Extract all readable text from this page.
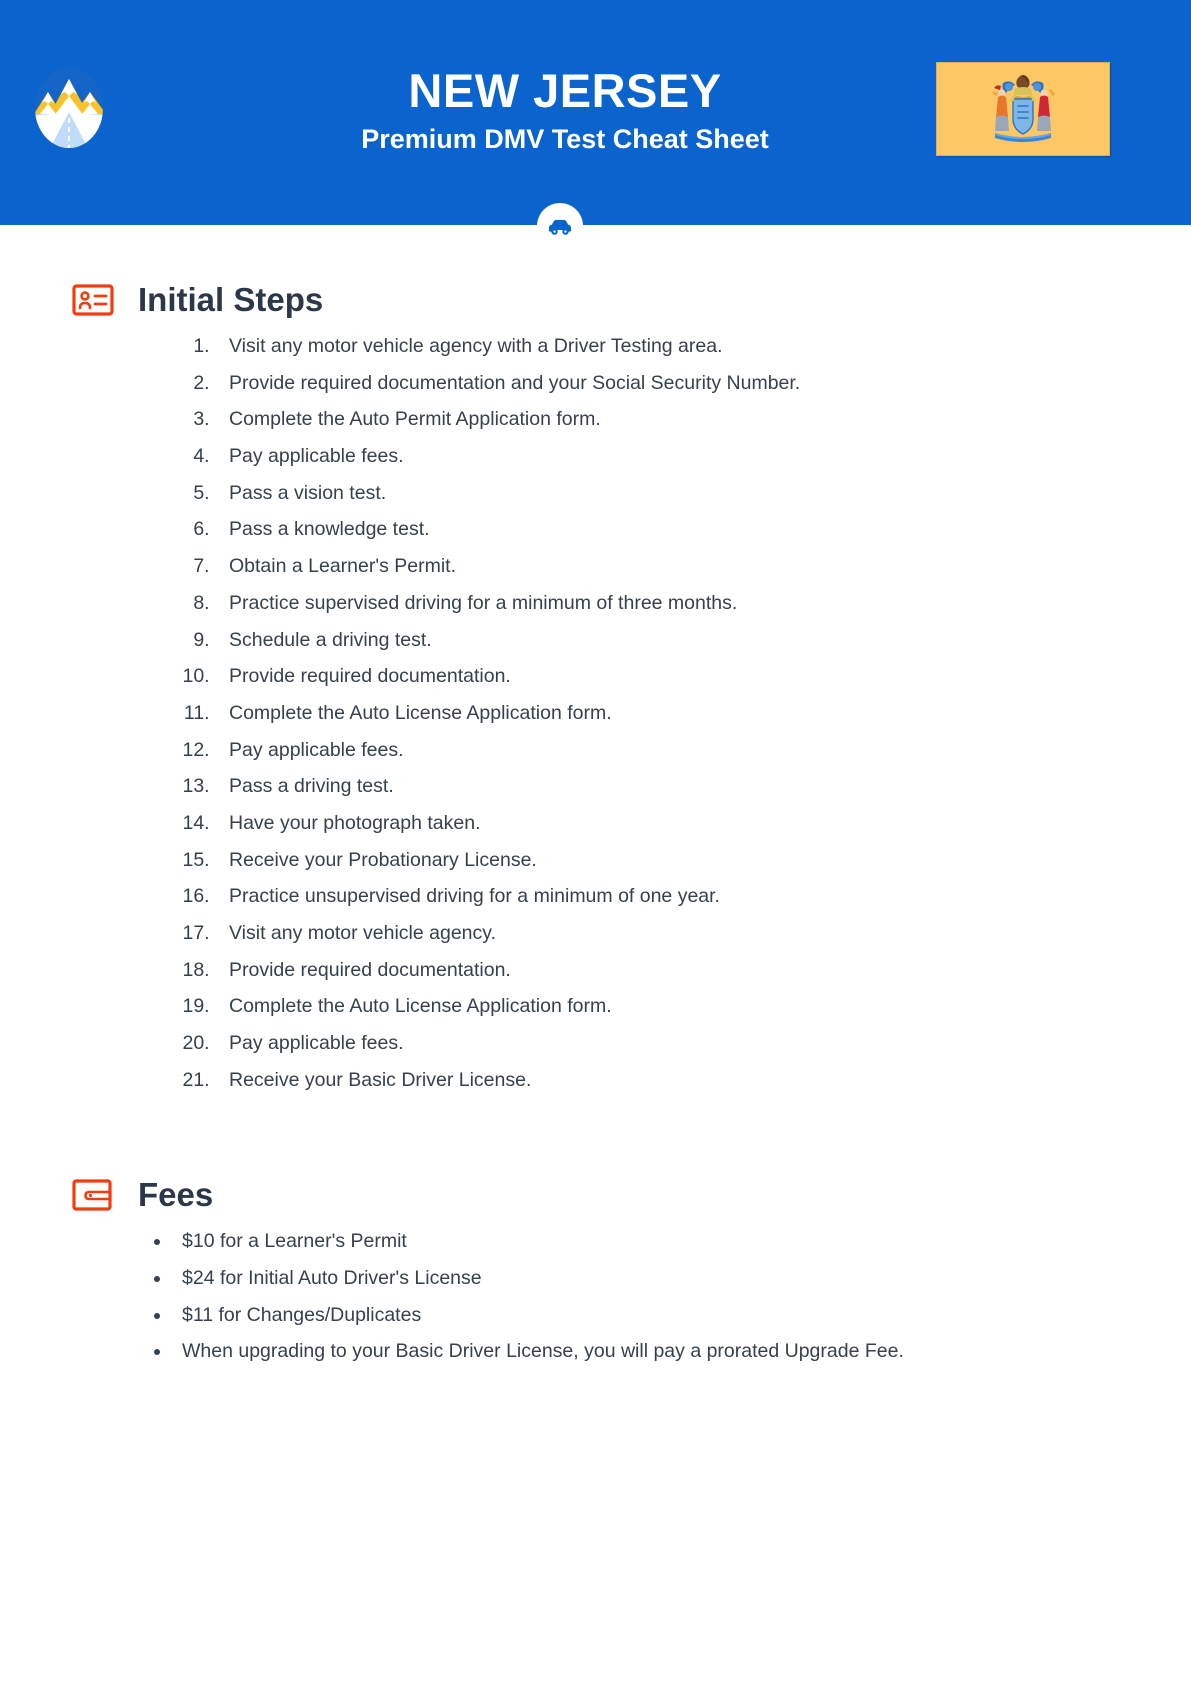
NEW JERSEY
Premium DMV Test Cheat Sheet
Initial Steps
1. Visit any motor vehicle agency with a Driver Testing area.
2. Provide required documentation and your Social Security Number.
3. Complete the Auto Permit Application form.
4. Pay applicable fees.
5. Pass a vision test.
6. Pass a knowledge test.
7. Obtain a Learner's Permit.
8. Practice supervised driving for a minimum of three months.
9. Schedule a driving test.
10. Provide required documentation.
11. Complete the Auto License Application form.
12. Pay applicable fees.
13. Pass a driving test.
14. Have your photograph taken.
15. Receive your Probationary License.
16. Practice unsupervised driving for a minimum of one year.
17. Visit any motor vehicle agency.
18. Provide required documentation.
19. Complete the Auto License Application form.
20. Pay applicable fees.
21. Receive your Basic Driver License.
Fees
• $10 for a Learner's Permit
• $24 for Initial Auto Driver's License
• $11 for Changes/Duplicates
• When upgrading to your Basic Driver License, you will pay a prorated Upgrade Fee.
